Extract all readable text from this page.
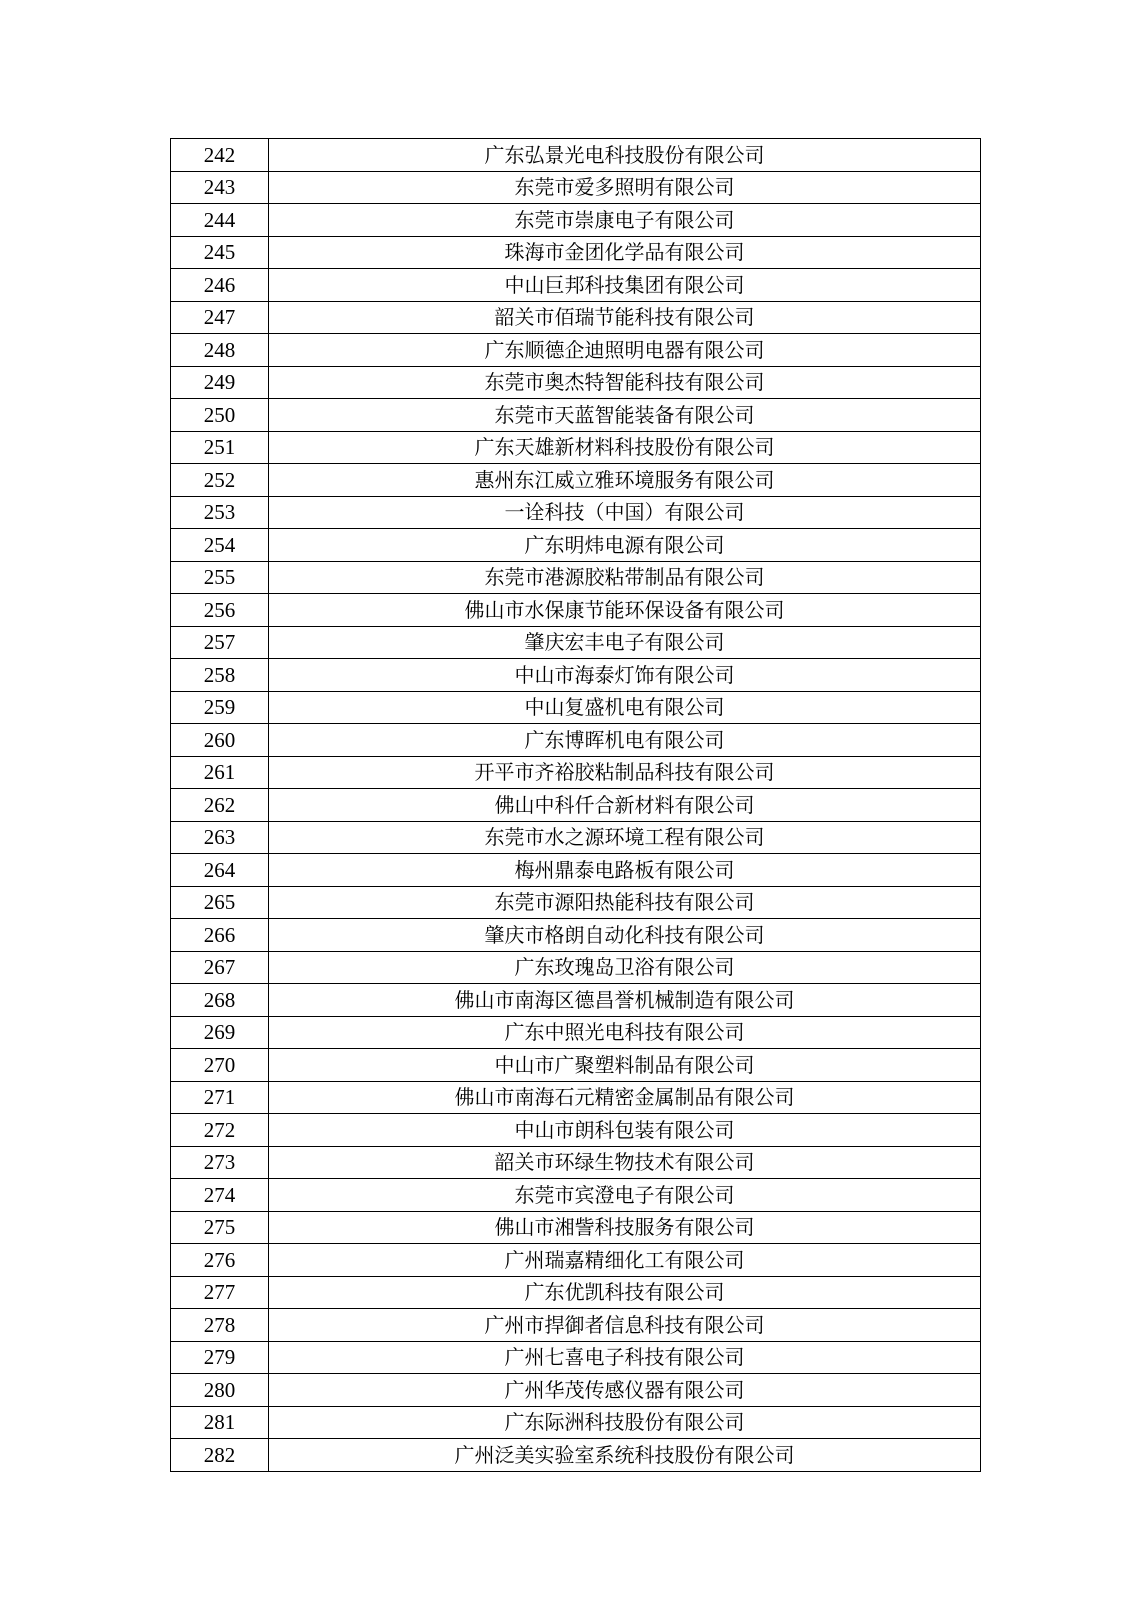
242	广东弘景光电科技股份有限公司
243	东莞市爱多照明有限公司
244	东莞市崇康电子有限公司
245	珠海市金团化学品有限公司
246	中山巨邦科技集团有限公司
247	韶关市佰瑞节能科技有限公司
248	广东顺德企迪照明电器有限公司
249	东莞市奥杰特智能科技有限公司
250	东莞市天蓝智能装备有限公司
251	广东天雄新材料科技股份有限公司
252	惠州东江威立雅环境服务有限公司
253	一诠科技（中国）有限公司
254	广东明炜电源有限公司
255	东莞市港源胶粘带制品有限公司
256	佛山市水保康节能环保设备有限公司
257	肇庆宏丰电子有限公司
258	中山市海泰灯饰有限公司
259	中山复盛机电有限公司
260	广东博晖机电有限公司
261	开平市齐裕胶粘制品科技有限公司
262	佛山中科仟合新材料有限公司
263	东莞市水之源环境工程有限公司
264	梅州鼎泰电路板有限公司
265	东莞市源阳热能科技有限公司
266	肇庆市格朗自动化科技有限公司
267	广东玫瑰岛卫浴有限公司
268	佛山市南海区德昌誉机械制造有限公司
269	广东中照光电科技有限公司
270	中山市广聚塑料制品有限公司
271	佛山市南海石元精密金属制品有限公司
272	中山市朗科包装有限公司
273	韶关市环绿生物技术有限公司
274	东莞市宾澄电子有限公司
275	佛山市湘訾科技服务有限公司
276	广州瑞嘉精细化工有限公司
277	广东优凯科技有限公司
278	广州市捍御者信息科技有限公司
279	广州七喜电子科技有限公司
280	广州华茂传感仪器有限公司
281	广东际洲科技股份有限公司
282	广州泛美实验室系统科技股份有限公司
